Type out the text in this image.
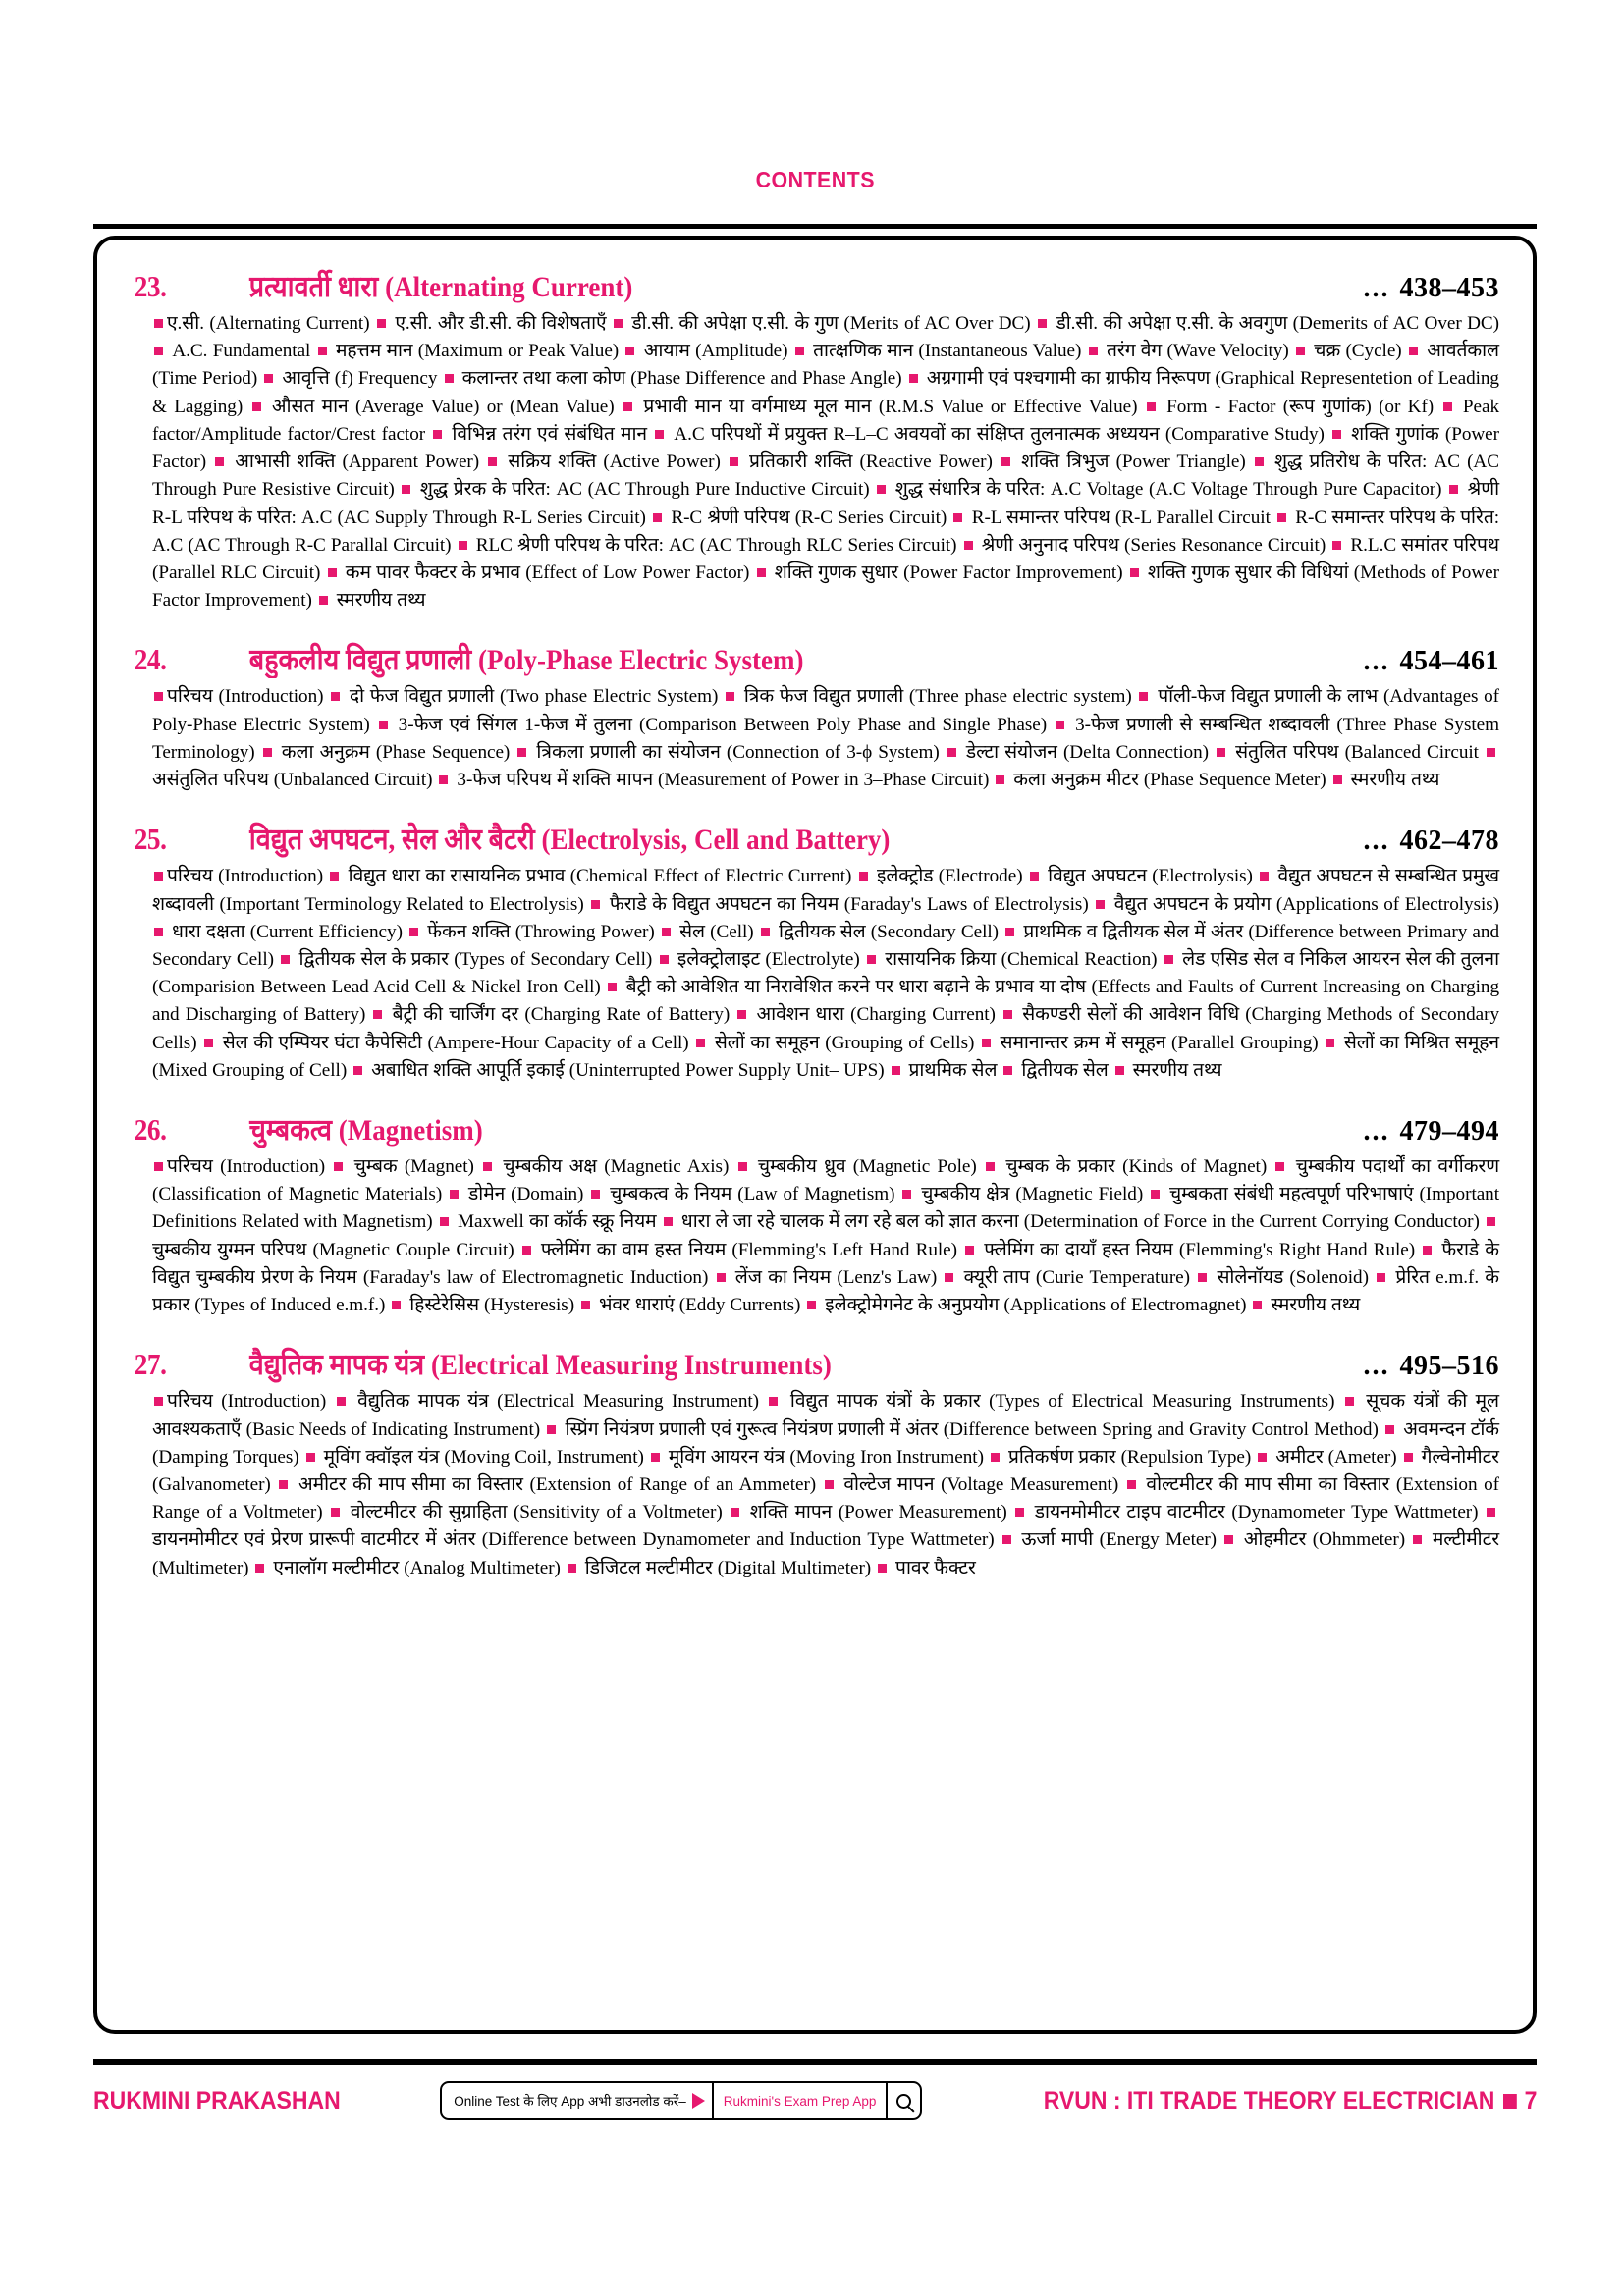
CONTENTS
23.	प्रत्यावर्ती धारा (Alternating Current)	... 438–453
ए.सी. (Alternating Current)  ए.सी. और डी.सी. की विशेषताएँ  डी.सी. की अपेक्षा ए.सी. के गुण (Merits of AC Over DC)  डी.सी. की अपेक्षा ए.सी. के अवगुण (Demerits of AC Over DC)  A.C. Fundamental  महत्तम मान (Maximum or Peak Value)  आयाम (Amplitude)  तात्क्षणिक मान (Instantaneous Value)  तरंग वेग (Wave Velocity)  चक्र (Cycle)  आवर्तकाल (Time Period)  आवृत्ति (f) Frequency  कलान्तर तथा कला कोण (Phase Difference and Phase Angle)  अग्रगामी एवं पश्चगामी का ग्राफीय निरूपण (Graphical Representetion of Leading & Lagging)  औसत मान (Average Value) or (Mean Value)  प्रभावी मान या वर्गमाध्य मूल मान (R.M.S Value or Effective Value)  Form - Factor (रूप गुणांक) (or Kf)  Peak factor/Amplitude factor/Crest factor  विभिन्न तरंग एवं संबंधित मान  A.C परिपथों में प्रयुक्त R–L–C अवयवों का संक्षिप्त तुलनात्मक अध्ययन (Comparative Study)  शक्ति गुणांक (Power Factor)  आभासी शक्ति (Apparent Power)  सक्रिय शक्ति (Active Power)  प्रतिकारी शक्ति (Reactive Power)  शक्ति त्रिभुज (Power Triangle)  शुद्ध प्रतिरोध के परित: AC (AC Through Pure Resistive Circuit)  शुद्ध प्रेरक के परित: AC (AC Through Pure Inductive Circuit)  शुद्ध संधारित्र के परित: A.C Voltage (A.C Voltage Through Pure Capacitor)  श्रेणी R-L परिपथ के परित: A.C (AC Supply Through R-L Series Circuit)  R-C श्रेणी परिपथ (R-C Series Circuit)  R-L समान्तर परिपथ (R-L Parallel Circuit  R-C समान्तर परिपथ के परित: A.C (AC Through R-C Parallal Circuit)  RLC श्रेणी परिपथ के परित: AC (AC Through RLC Series Circuit)  श्रेणी अनुनाद परिपथ (Series Resonance Circuit)  R.L.C समांतर परिपथ (Parallel RLC Circuit)  कम पावर फैक्टर के प्रभाव (Effect of Low Power Factor)  शक्ति गुणक सुधार (Power Factor Improvement)  शक्ति गुणक सुधार की विधियां (Methods of Power Factor Improvement)  स्मरणीय तथ्य
24.	बहुकलीय विद्युत प्रणाली (Poly-Phase Electric System)	... 454–461
परिचय (Introduction)  दो फेज विद्युत प्रणाली (Two phase Electric System)  त्रिक फेज विद्युत प्रणाली (Three phase electric system)  पॉली-फेज विद्युत प्रणाली के लाभ (Advantages of Poly-Phase Electric System)  3-फेज एवं सिंगल 1-फेज में तुलना (Comparison Between Poly Phase and Single Phase)  3-फेज प्रणाली से सम्बन्धित शब्दावली (Three Phase System Terminology)  कला अनुक्रम (Phase Sequence)  त्रिकला प्रणाली का संयोजन (Connection of 3-ϕ System)  डेल्टा संयोजन (Delta Connection)  संतुलित परिपथ (Balanced Circuit  असंतुलित परिपथ (Unbalanced Circuit)  3-फेज परिपथ में शक्ति मापन (Measurement of Power in 3–Phase Circuit)  कला अनुक्रम मीटर (Phase Sequence Meter)  स्मरणीय तथ्य
25.	विद्युत अपघटन, सेल और बैटरी (Electrolysis, Cell and Battery)	... 462–478
परिचय (Introduction)  विद्युत धारा का रासायनिक प्रभाव (Chemical Effect of Electric Current)  इलेक्ट्रोड (Electrode)  विद्युत अपघटन (Electrolysis)  वैद्युत अपघटन से सम्बन्धित प्रमुख शब्दावली (Important Terminology Related to Electrolysis)  फैराडे के विद्युत अपघटन का नियम (Faraday's Laws of Electrolysis)  वैद्युत अपघटन के प्रयोग (Applications of Electrolysis)  धारा दक्षता (Current Efficiency)  फेंकन शक्ति (Throwing Power)  सेल (Cell)  द्वितीयक सेल (Secondary Cell)  प्राथमिक व द्वितीयक सेल में अंतर (Difference between Primary and Secondary Cell)  द्वितीयक सेल के प्रकार (Types of Secondary Cell)  इलेक्ट्रोलाइट (Electrolyte)  रासायनिक क्रिया (Chemical Reaction)  लेड एसिड सेल व निकिल आयरन सेल की तुलना (Comparision Between Lead Acid Cell & Nickel Iron Cell)  बैट्री को आवेशित या निरावेशित करने पर धारा बढ़ाने के प्रभाव या दोष (Effects and Faults of Current Increasing on Charging and Discharging of Battery)  बैट्री की चार्जिंग दर (Charging Rate of Battery)  आवेशन धारा (Charging Current)  सैकण्डरी सेलों की आवेशन विधि (Charging Methods of Secondary Cells)  सेल की एम्पियर घंटा कैपेसिटी (Ampere-Hour Capacity of a Cell)  सेलों का समूहन (Grouping of Cells)  समानान्तर क्रम में समूहन (Parallel Grouping)  सेलों का मिश्रित समूहन (Mixed Grouping of Cell)  अबाधित शक्ति आपूर्ति इकाई (Uninterrupted Power Supply Unit– UPS)  प्राथमिक सेल  द्वितीयक सेल  स्मरणीय तथ्य
26.	चुम्बकत्व (Magnetism)	... 479–494
परिचय (Introduction)  चुम्बक (Magnet)  चुम्बकीय अक्ष (Magnetic Axis)  चुम्बकीय ध्रुव (Magnetic Pole)  चुम्बक के प्रकार (Kinds of Magnet)  चुम्बकीय पदार्थों का वर्गीकरण (Classification of Magnetic Materials)  डोमेन (Domain)  चुम्बकत्व के नियम (Law of Magnetism)  चुम्बकीय क्षेत्र (Magnetic Field)  चुम्बकता संबंधी महत्वपूर्ण परिभाषाएं (Important Definitions Related with Magnetism)  Maxwell का कॉर्क स्क्रू नियम  धारा ले जा रहे चालक में लग रहे बल को ज्ञात करना (Determination of Force in the Current Corrying Conductor)  चुम्बकीय युग्मन परिपथ (Magnetic Couple Circuit)  फ्लेमिंग का वाम हस्त नियम (Flemming's Left Hand Rule)  फ्लेमिंग का दायाँ हस्त नियम (Flemming's Right Hand Rule)  फैराडे के विद्युत चुम्बकीय प्रेरण के नियम (Faraday's law of Electromagnetic Induction)  लेंज का नियम (Lenz's Law)  क्यूरी ताप (Curie Temperature)  सोलेनॉयड (Solenoid)  प्रेरित e.m.f. के प्रकार (Types of Induced e.m.f.)  हिस्टेरेसिस (Hysteresis)  भंवर धाराएं (Eddy Currents)  इलेक्ट्रोमेगनेट के अनुप्रयोग (Applications of Electromagnet)  स्मरणीय तथ्य
27.	वैद्युतिक मापक यंत्र (Electrical Measuring Instruments)	... 495–516
परिचय (Introduction)  वैद्युतिक मापक यंत्र (Electrical Measuring Instrument)  विद्युत मापक यंत्रों के प्रकार (Types of Electrical Measuring Instruments)  सूचक यंत्रों की मूल आवश्यकताएँ (Basic Needs of Indicating Instrument)  स्प्रिंग नियंत्रण प्रणाली एवं गुरूत्व नियंत्रण प्रणाली में अंतर (Difference between Spring and Gravity Control Method)  अवमन्दन टॉर्क (Damping Torques)  मूविंग क्वॉइल यंत्र (Moving Coil, Instrument)  मूविंग आयरन यंत्र (Moving Iron Instrument)  प्रतिकर्षण प्रकार (Repulsion Type)  अमीटर (Ameter)  गैल्वेनोमीटर (Galvanometer)  अमीटर की माप सीमा का विस्तार (Extension of Range of an Ammeter)  वोल्टेज मापन (Voltage Measurement)  वोल्टमीटर की माप सीमा का विस्तार (Extension of Range of a Voltmeter)  वोल्टमीटर की सुग्राहिता (Sensitivity of a Voltmeter)  शक्ति मापन (Power Measurement)  डायनमोमीटर टाइप वाटमीटर (Dynamometer Type Wattmeter)  डायनमोमीटर एवं प्रेरण प्रारूपी वाटमीटर में अंतर (Difference between Dynamometer and Induction Type Wattmeter)  ऊर्जा मापी (Energy Meter)  ओहमीटर (Ohmmeter)  मल्टीमीटर (Multimeter)  एनालॉग मल्टीमीटर (Analog Multimeter)  डिजिटल मल्टीमीटर (Digital Multimeter)  पावर फैक्टर
RUKMINI PRAKASHAN	Online Test के लिए App अभी डाउनलोड करें–	Rukmini's Exam Prep App	RVUN : ITI TRADE THEORY ELECTRICIAN 7
